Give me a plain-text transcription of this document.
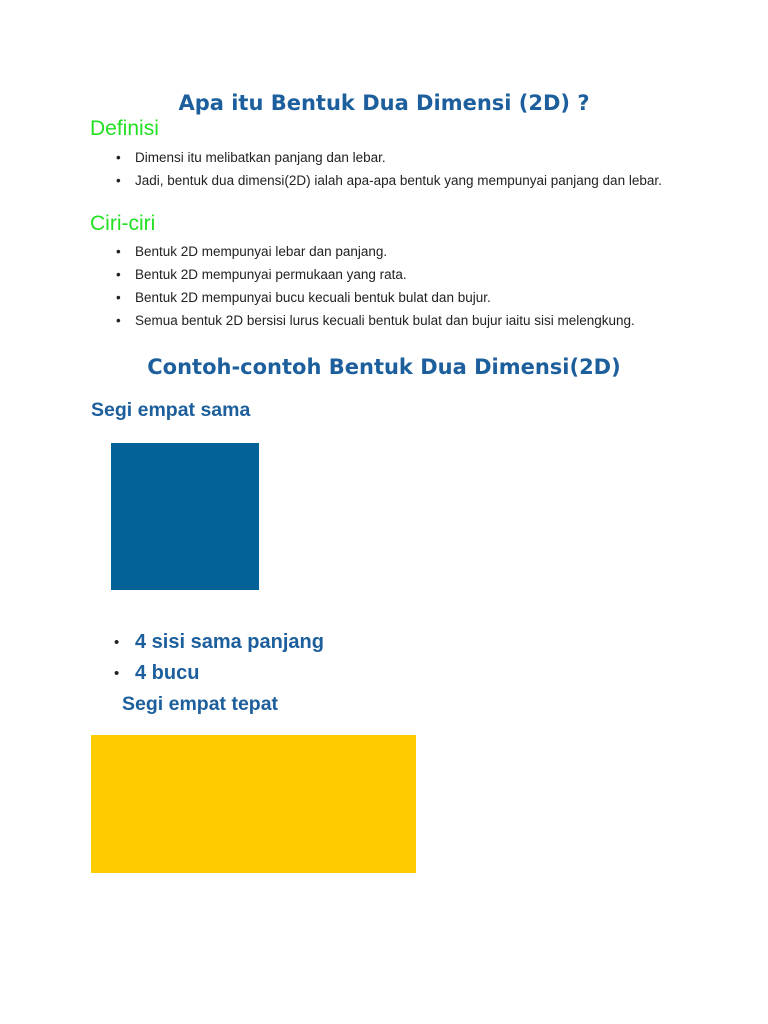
Apa itu Bentuk Dua Dimensi (2D) ?
Definisi
• Dimensi itu melibatkan panjang dan lebar.
• Jadi, bentuk dua dimensi(2D) ialah apa-apa bentuk yang mempunyai panjang dan lebar.
Ciri-ciri
• Bentuk 2D mempunyai lebar dan panjang.
• Bentuk 2D mempunyai permukaan yang rata.
• Bentuk 2D mempunyai bucu kecuali bentuk bulat dan bujur.
• Semua bentuk 2D bersisi lurus kecuali bentuk bulat dan bujur iaitu sisi melengkung.
Contoh-contoh Bentuk Dua Dimensi(2D)
Segi empat sama
• 4 sisi sama panjang
• 4 bucu
Segi empat tepat
